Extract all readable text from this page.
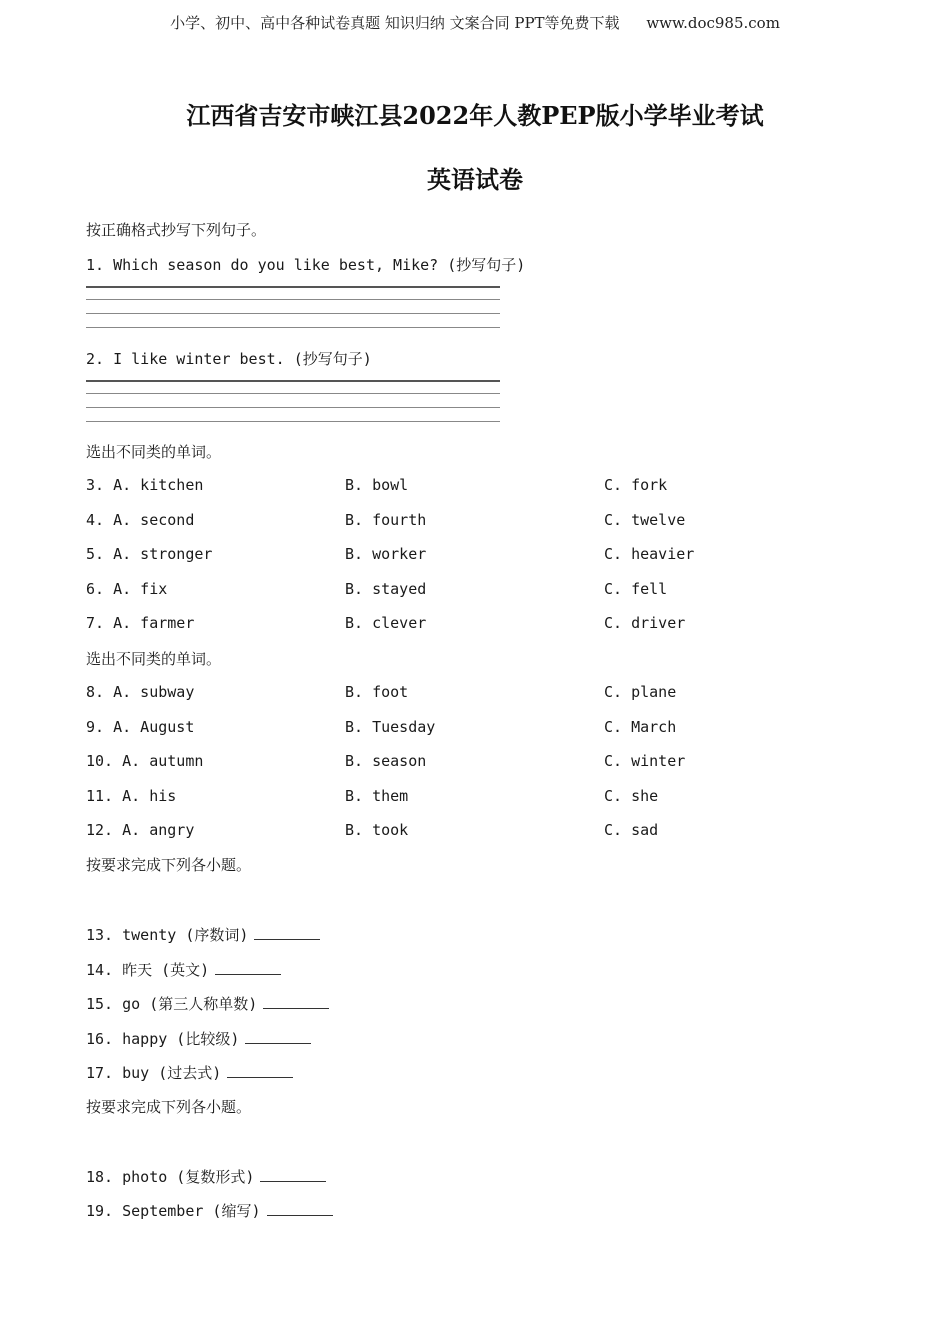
小学、初中、高中各种试卷真题 知识归纳 文案合同 PPT等免费下载 www.doc985.com
江西省吉安市峡江县2022年人教PEP版小学毕业考试
英语试卷
按正确格式抄写下列句子。
1. Which season do you like best, Mike? (抄写句子)
2. I like winter best. (抄写句子)
选出不同类的单词。
3. A. kitchen	B. bowl	C. fork
4. A. second	B. fourth	C. twelve
5. A. stronger	B. worker	C. heavier
6. A. fix	B. stayed	C. fell
7. A. farmer	B. clever	C. driver
选出不同类的单词。
8. A. subway	B. foot	C. plane
9. A. August	B. Tuesday	C. March
10. A. autumn	B. season	C. winter
11. A. his	B. them	C. she
12. A. angry	B. took	C. sad
按要求完成下列各小题。
13. twenty (序数词)
14. 昨天 (英文)
15. go (第三人称单数)
16. happy (比较级)
17. buy (过去式)
按要求完成下列各小题。
18. photo (复数形式)
19. September (缩写)
